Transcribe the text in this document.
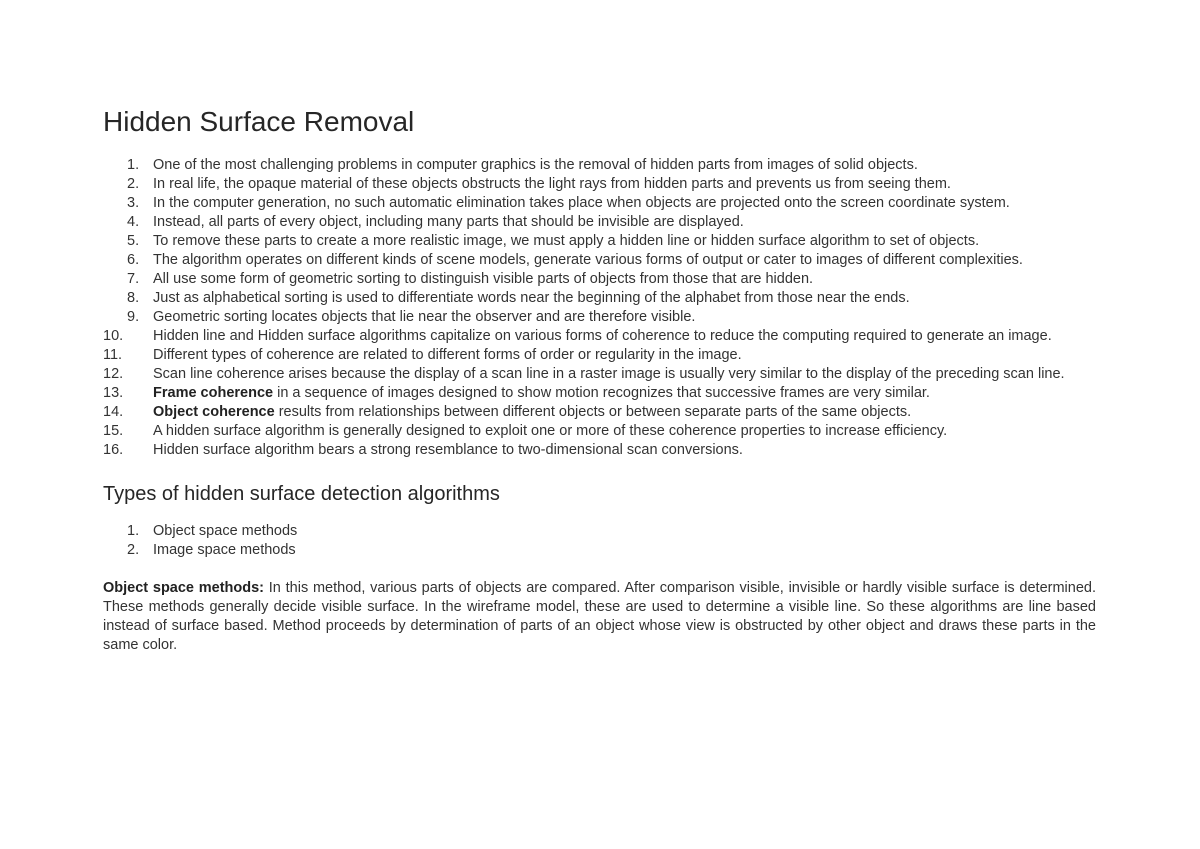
Hidden Surface Removal
1. One of the most challenging problems in computer graphics is the removal of hidden parts from images of solid objects.
2. In real life, the opaque material of these objects obstructs the light rays from hidden parts and prevents us from seeing them.
3. In the computer generation, no such automatic elimination takes place when objects are projected onto the screen coordinate system.
4. Instead, all parts of every object, including many parts that should be invisible are displayed.
5. To remove these parts to create a more realistic image, we must apply a hidden line or hidden surface algorithm to set of objects.
6. The algorithm operates on different kinds of scene models, generate various forms of output or cater to images of different complexities.
7. All use some form of geometric sorting to distinguish visible parts of objects from those that are hidden.
8. Just as alphabetical sorting is used to differentiate words near the beginning of the alphabet from those near the ends.
9. Geometric sorting locates objects that lie near the observer and are therefore visible.
10. Hidden line and Hidden surface algorithms capitalize on various forms of coherence to reduce the computing required to generate an image.
11. Different types of coherence are related to different forms of order or regularity in the image.
12. Scan line coherence arises because the display of a scan line in a raster image is usually very similar to the display of the preceding scan line.
13. Frame coherence in a sequence of images designed to show motion recognizes that successive frames are very similar.
14. Object coherence results from relationships between different objects or between separate parts of the same objects.
15. A hidden surface algorithm is generally designed to exploit one or more of these coherence properties to increase efficiency.
16. Hidden surface algorithm bears a strong resemblance to two-dimensional scan conversions.
Types of hidden surface detection algorithms
1. Object space methods
2. Image space methods

Object space methods: In this method, various parts of objects are compared. After comparison visible, invisible or hardly visible surface is determined. These methods generally decide visible surface. In the wireframe model, these are used to determine a visible line. So these algorithms are line based instead of surface based. Method proceeds by determination of parts of an object whose view is obstructed by other object and draws these parts in the same color.
